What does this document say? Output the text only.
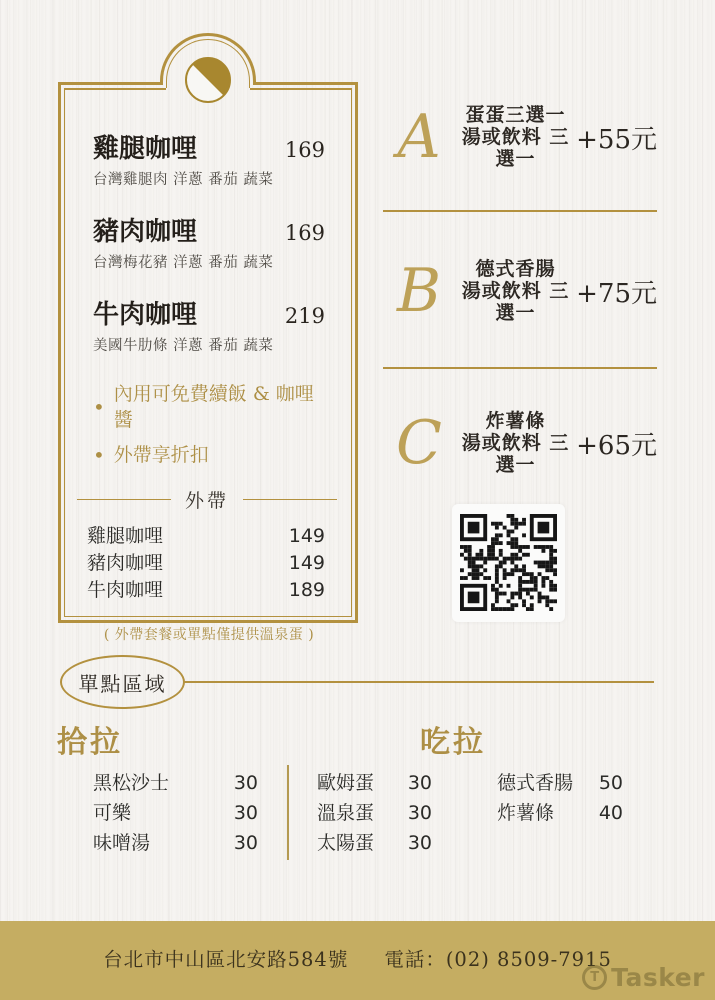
雞腿咖哩	169
台灣雞腿肉 洋蔥 番茄 蔬菜
豬肉咖哩	169
台灣梅花豬 洋蔥 番茄 蔬菜
牛肉咖哩	219
美國牛肋條 洋蔥 番茄 蔬菜
• 內用可免費續飯 & 咖哩醬
• 外帶享折扣
外帶
雞腿咖哩	149
豬肉咖哩	149
牛肉咖哩	189
( 外帶套餐或單點僅提供溫泉蛋 )
A	蛋蛋三選一
湯或飲料 三選一
+55元
B	德式香腸
湯或飲料 三選一
+75元
C	炸薯條
湯或飲料 三選一
+65元
單點區域
拾拉	吃拉
黑松沙士	30
可樂	30
味噌湯	30
歐姆蛋 30
溫泉蛋 30
太陽蛋 30
德式香腸 50
炸薯條 40
台北市中山區北安路584號 電話：(02) 8509-7915
T Tasker
